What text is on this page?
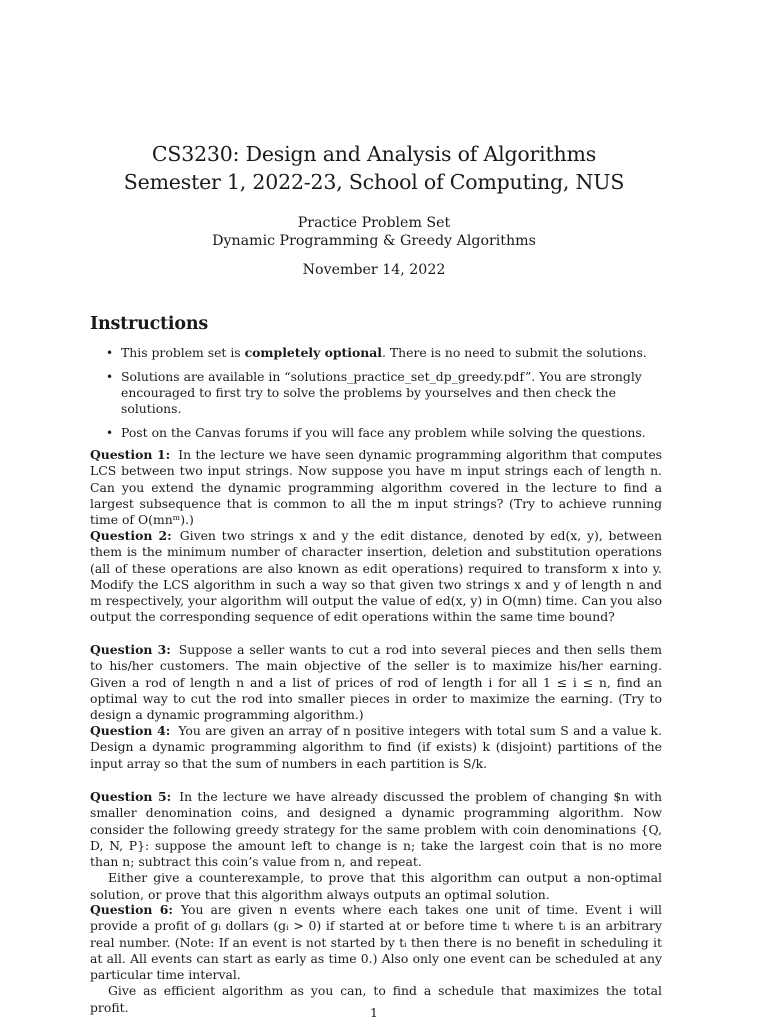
CS3230: Design and Analysis of Algorithms
Semester 1, 2022-23, School of Computing, NUS
Practice Problem Set
Dynamic Programming & Greedy Algorithms
November 14, 2022
Instructions
• This problem set is completely optional. There is no need to submit the solutions.
• Solutions are available in “solutions_practice_set_dp_greedy.pdf”. You are strongly encouraged to first try to solve the problems by yourselves and then check the solutions.
• Post on the Canvas forums if you will face any problem while solving the questions.

Question 1: In the lecture we have seen dynamic programming algorithm that computes LCS between two input strings. Now suppose you have m input strings each of length n. Can you extend the dynamic programming algorithm covered in the lecture to find a largest subsequence that is common to all the m input strings? (Try to achieve running time of O(mnᵐ).)

Question 2: Given two strings x and y the edit distance, denoted by ed(x, y), between them is the minimum number of character insertion, deletion and substitution operations (all of these operations are also known as edit operations) required to transform x into y. Modify the LCS algorithm in such a way so that given two strings x and y of length n and m respectively, your algorithm will output the value of ed(x, y) in O(mn) time. Can you also output the corresponding sequence of edit operations within the same time bound?

Question 3: Suppose a seller wants to cut a rod into several pieces and then sells them to his/her customers. The main objective of the seller is to maximize his/her earning. Given a rod of length n and a list of prices of rod of length i for all 1 ≤ i ≤ n, find an optimal way to cut the rod into smaller pieces in order to maximize the earning. (Try to design a dynamic programming algorithm.)

Question 4: You are given an array of n positive integers with total sum S and a value k. Design a dynamic programming algorithm to find (if exists) k (disjoint) partitions of the input array so that the sum of numbers in each partition is S/k.

Question 5: In the lecture we have already discussed the problem of changing $n with smaller denomination coins, and designed a dynamic programming algorithm. Now consider the following greedy strategy for the same problem with coin denominations {Q, D, N, P}: suppose the amount left to change is n; take the largest coin that is no more than n; subtract this coin’s value from n, and repeat.

Either give a counterexample, to prove that this algorithm can output a non-optimal solution, or prove that this algorithm always outputs an optimal solution.

Question 6: You are given n events where each takes one unit of time. Event i will provide a profit of gᵢ dollars (gᵢ > 0) if started at or before time tᵢ where tᵢ is an arbitrary real number. (Note: If an event is not started by tᵢ then there is no benefit in scheduling it at all. All events can start as early as time 0.) Also only one event can be scheduled at any particular time interval.

Give as efficient algorithm as you can, to find a schedule that maximizes the total profit.	1
